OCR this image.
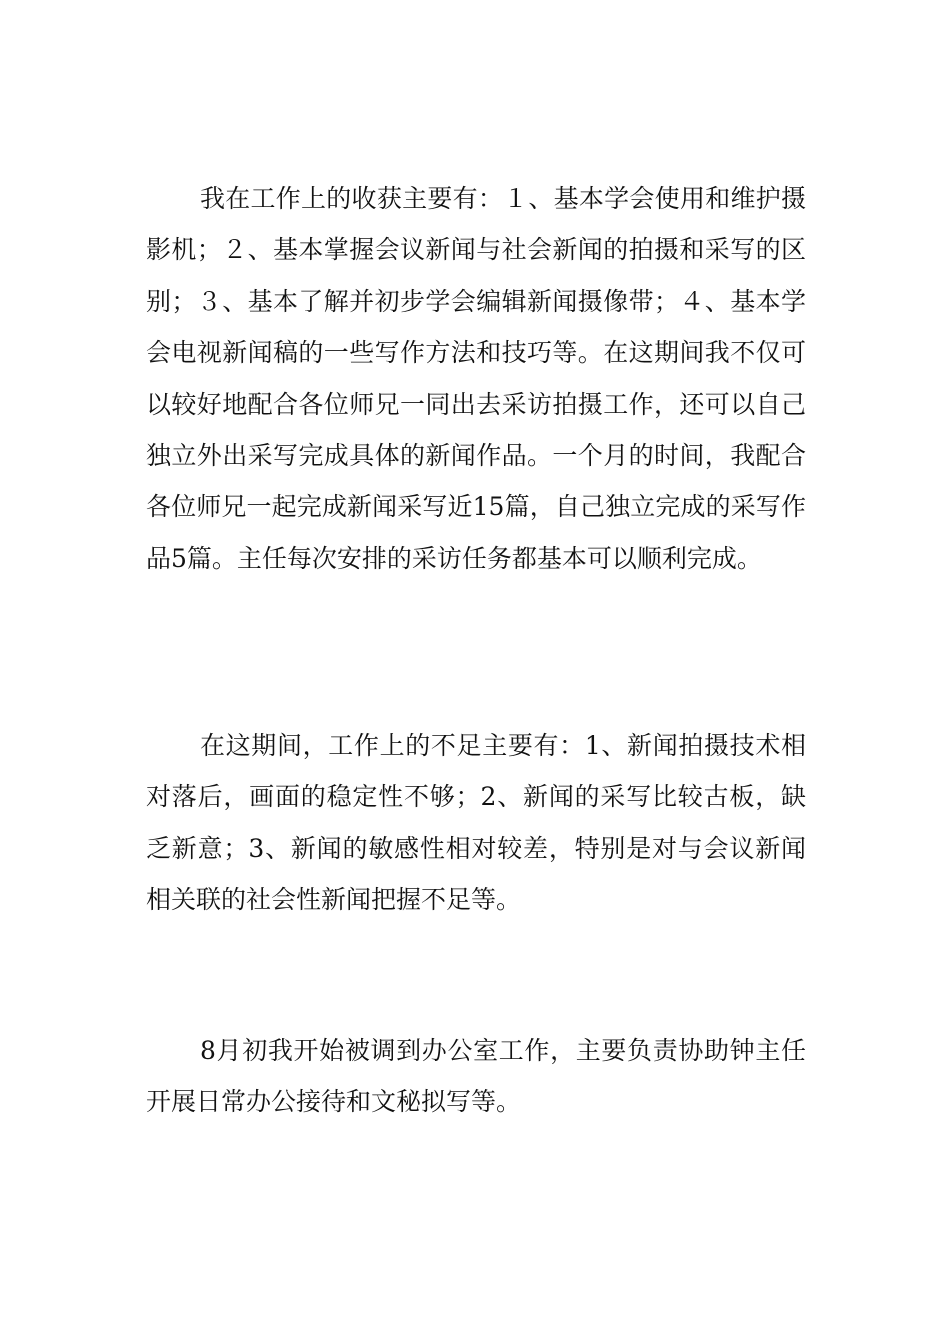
我在工作上的收获主要有：１、基本学会使用和维护摄影机；２、基本掌握会议新闻与社会新闻的拍摄和采写的区别；３、基本了解并初步学会编辑新闻摄像带；４、基本学会电视新闻稿的一些写作方法和技巧等。在这期间我不仅可以较好地配合各位师兄一同出去采访拍摄工作，还可以自己独立外出采写完成具体的新闻作品。一个月的时间，我配合各位师兄一起完成新闻采写近15篇，自己独立完成的采写作品5篇。主任每次安排的采访任务都基本可以顺利完成。

在这期间，工作上的不足主要有：1、新闻拍摄技术相对落后，画面的稳定性不够；2、新闻的采写比较古板，缺乏新意；3、新闻的敏感性相对较差，特别是对与会议新闻相关联的社会性新闻把握不足等。

8月初我开始被调到办公室工作，主要负责协助钟主任开展日常办公接待和文秘拟写等。
